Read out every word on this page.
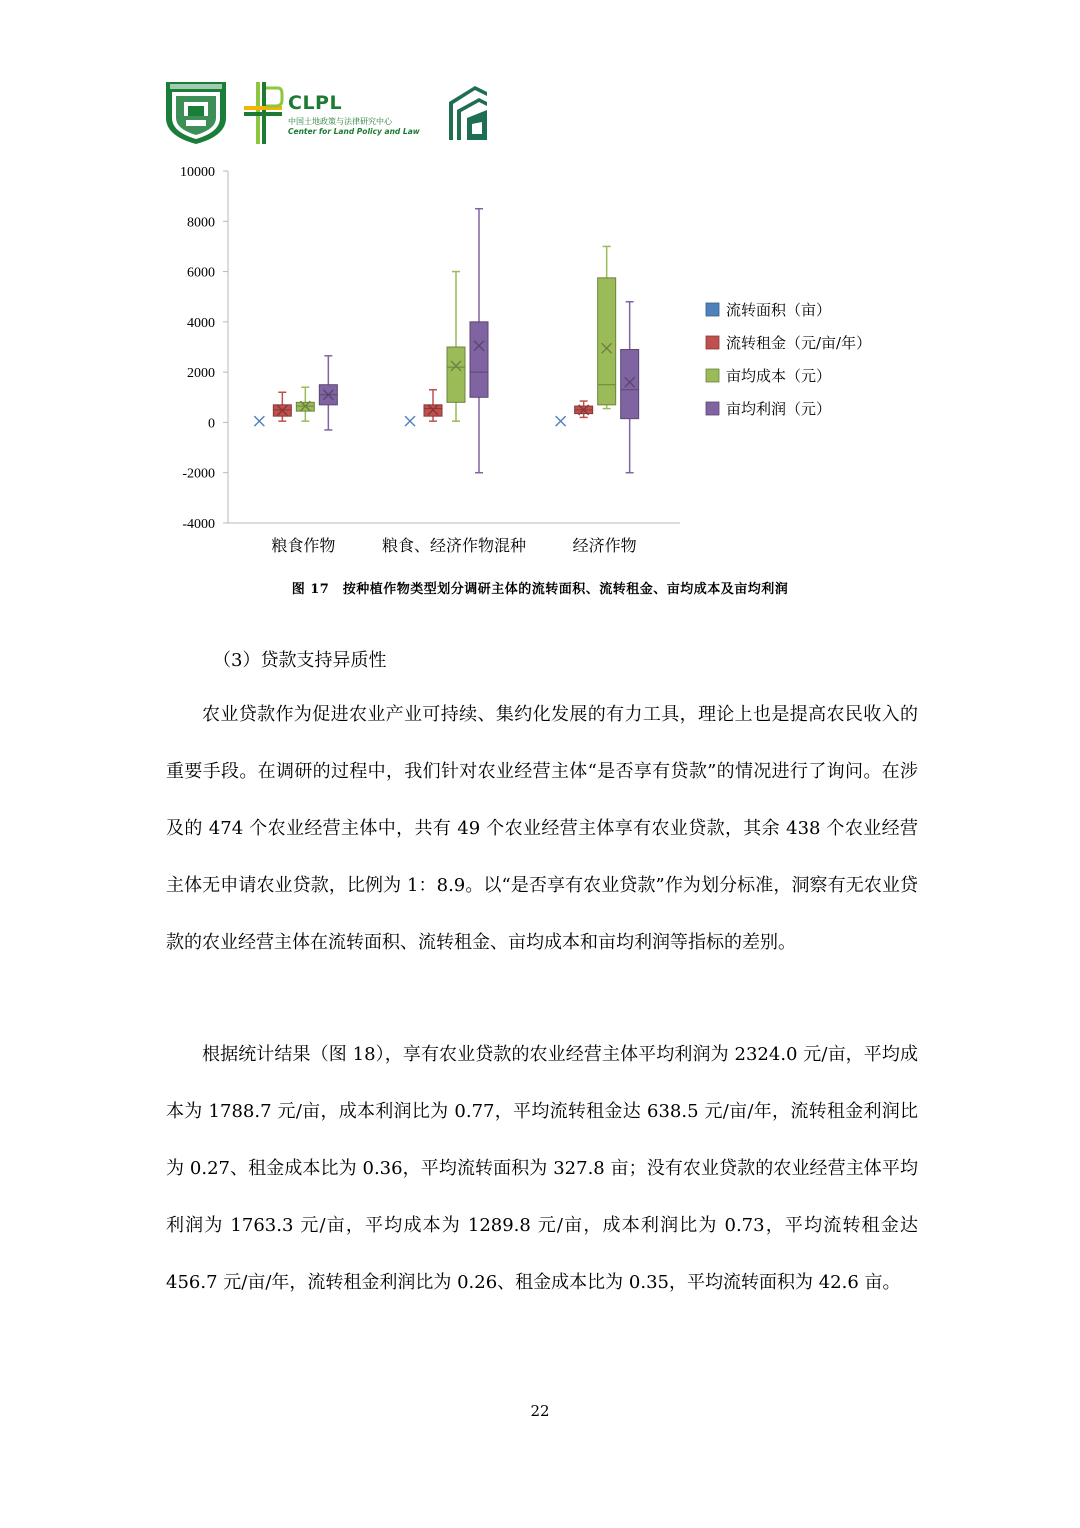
CLPL
中国土地政策与法律研究中心
Center for Land Policy and Law
10000
8000
6000
4000
2000
0
-2000
-4000
粮食作物	粮食、经济作物混种	经济作物
流转面积（亩）
流转租金（元/亩/年）
亩均成本（元）
亩均利润（元）
图 17　按种植作物类型划分调研主体的流转面积、流转租金、亩均成本及亩均利润
（3）贷款支持异质性

农业贷款作为促进农业产业可持续、集约化发展的有力工具，理论上也是提高农民收入的重要手段。在调研的过程中，我们针对农业经营主体“是否享有贷款”的情况进行了询问。在涉及的 474 个农业经营主体中，共有 49 个农业经营主体享有农业贷款，其余 438 个农业经营主体无申请农业贷款，比例为 1：8.9。以“是否享有农业贷款”作为划分标准，洞察有无农业贷款的农业经营主体在流转面积、流转租金、亩均成本和亩均利润等指标的差别。

根据统计结果（图 18），享有农业贷款的农业经营主体平均利润为 2324.0 元/亩，平均成本为 1788.7 元/亩，成本利润比为 0.77，平均流转租金达 638.5 元/亩/年，流转租金利润比为 0.27、租金成本比为 0.36，平均流转面积为 327.8 亩；没有农业贷款的农业经营主体平均利润为 1763.3 元/亩，平均成本为 1289.8 元/亩，成本利润比为 0.73，平均流转租金达 456.7 元/亩/年，流转租金利润比为 0.26、租金成本比为 0.35，平均流转面积为 42.6 亩。

22
